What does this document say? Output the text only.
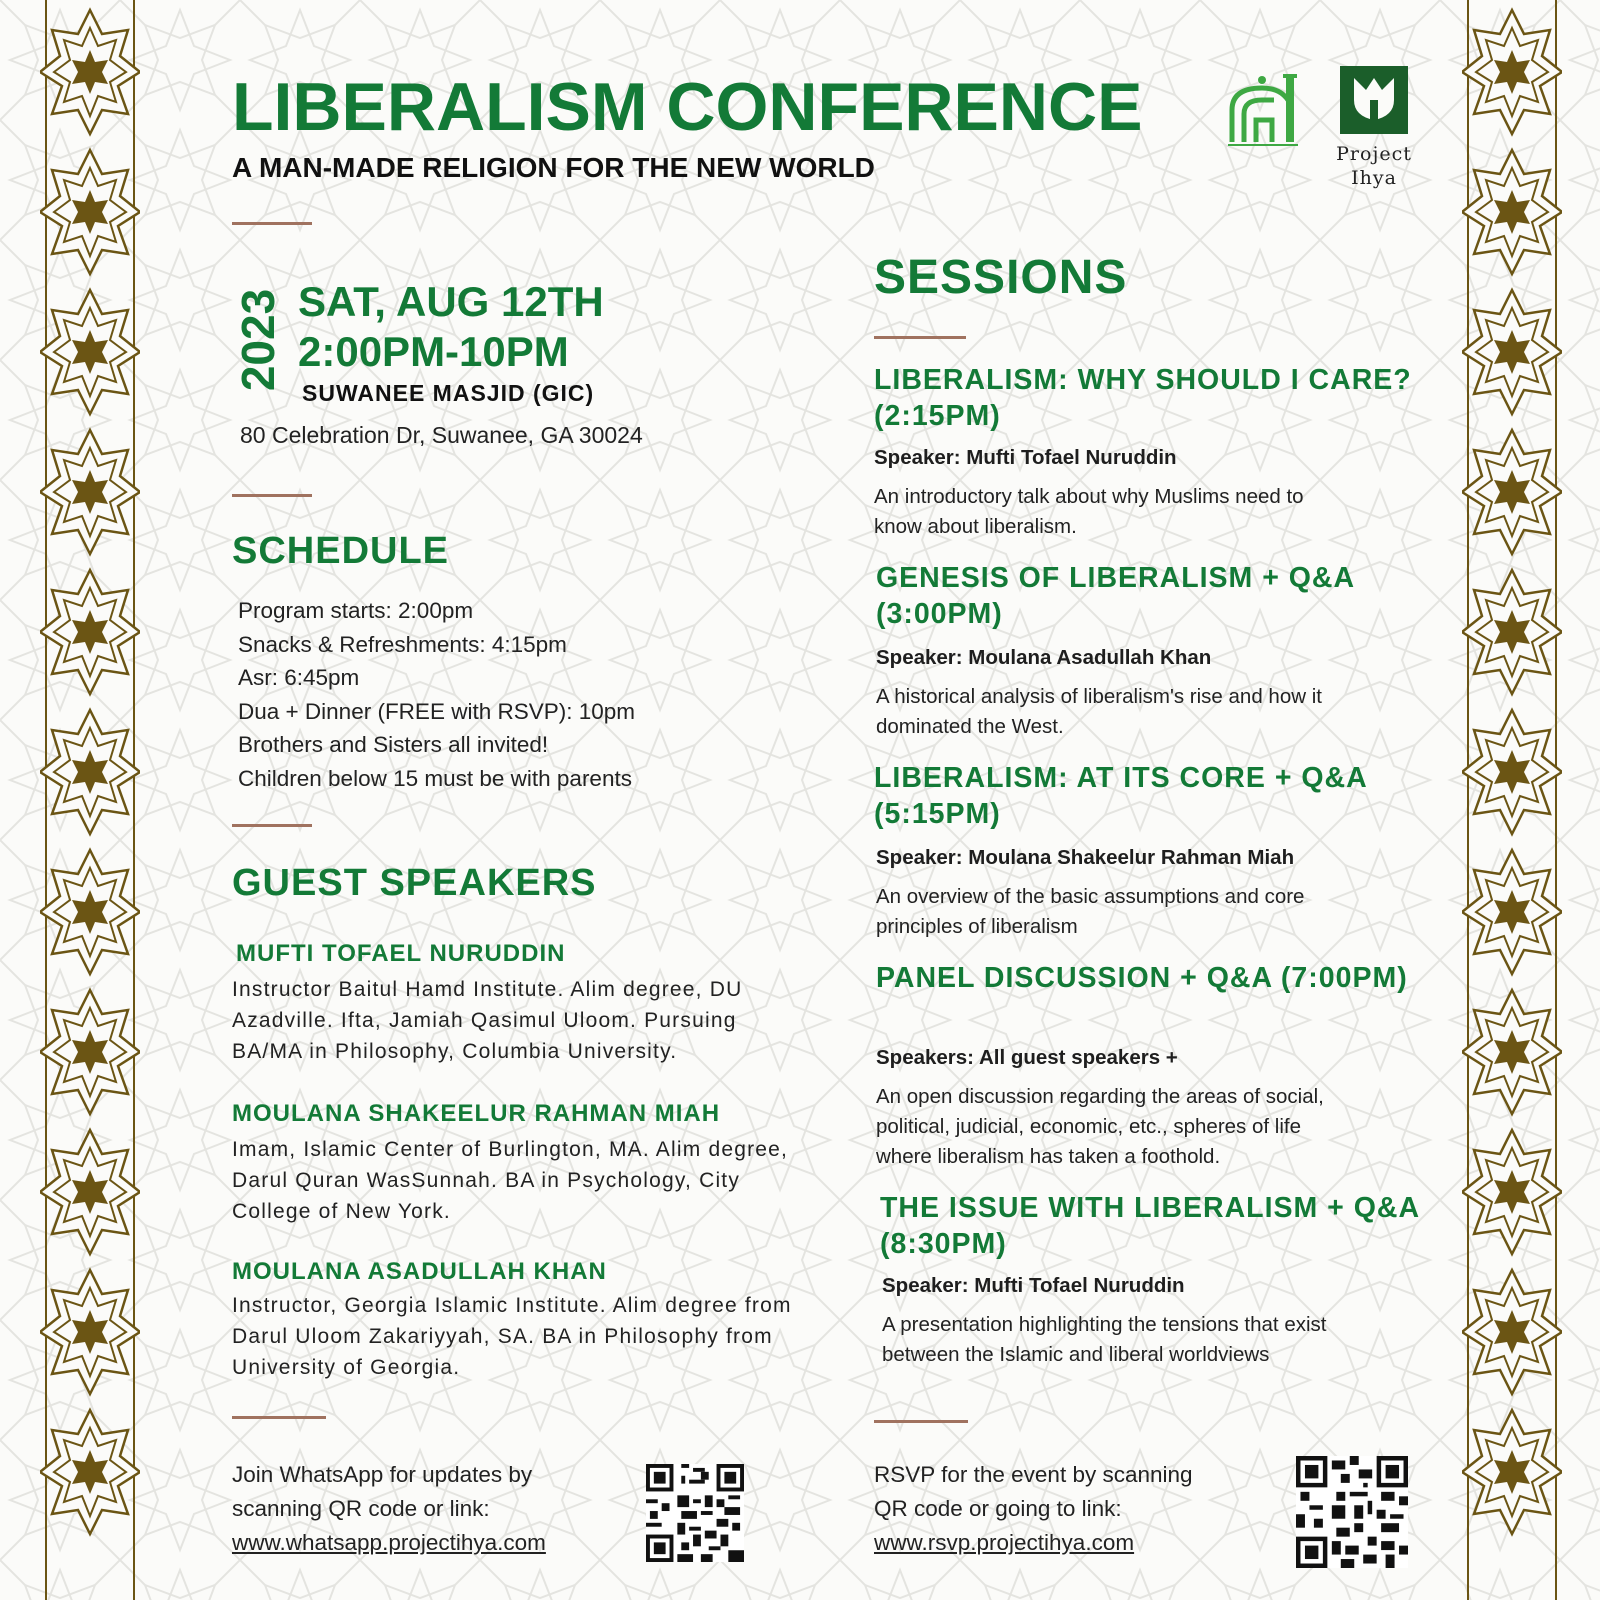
LIBERALISM CONFERENCE
A MAN-MADE RELIGION FOR THE NEW WORLD	Project
Ihya
2023 SAT, AUG 12TH
2:00PM-10PM
SUWANEE MASJID (GIC)
80 Celebration Dr, Suwanee, GA 30024
SCHEDULE
Program starts: 2:00pm
Snacks & Refreshments: 4:15pm
Asr: 6:45pm
Dua + Dinner (FREE with RSVP): 10pm
Brothers and Sisters all invited!
Children below 15 must be with parents
GUEST SPEAKERS
MUFTI TOFAEL NURUDDIN
Instructor Baitul Hamd Institute. Alim degree, DU Azadville. Ifta, Jamiah Qasimul Uloom. Pursuing BA/MA in Philosophy, Columbia University.
MOULANA SHAKEELUR RAHMAN MIAH
Imam, Islamic Center of Burlington, MA. Alim degree, Darul Quran WasSunnah. BA in Psychology, City College of New York.
MOULANA ASADULLAH KHAN
Instructor, Georgia Islamic Institute. Alim degree from Darul Uloom Zakariyyah, SA. BA in Philosophy from University of Georgia.
SESSIONS
LIBERALISM: WHY SHOULD I CARE? (2:15PM)
Speaker: Mufti Tofael Nuruddin
An introductory talk about why Muslims need to know about liberalism.
GENESIS OF LIBERALISM + Q&A (3:00PM)
Speaker: Moulana Asadullah Khan
A historical analysis of liberalism's rise and how it dominated the West.
LIBERALISM: AT ITS CORE + Q&A (5:15PM)
Speaker: Moulana Shakeelur Rahman Miah
An overview of the basic assumptions and core principles of liberalism
PANEL DISCUSSION + Q&A (7:00PM)
Speakers: All guest speakers +
An open discussion regarding the areas of social, political, judicial, economic, etc., spheres of life where liberalism has taken a foothold.
THE ISSUE WITH LIBERALISM + Q&A (8:30PM)
Speaker: Mufti Tofael Nuruddin
A presentation highlighting the tensions that exist between the Islamic and liberal worldviews
Join WhatsApp for updates by
scanning QR code or link:
www.whatsapp.projectihya.com
RSVP for the event by scanning
QR code or going to link:
www.rsvp.projectihya.com
